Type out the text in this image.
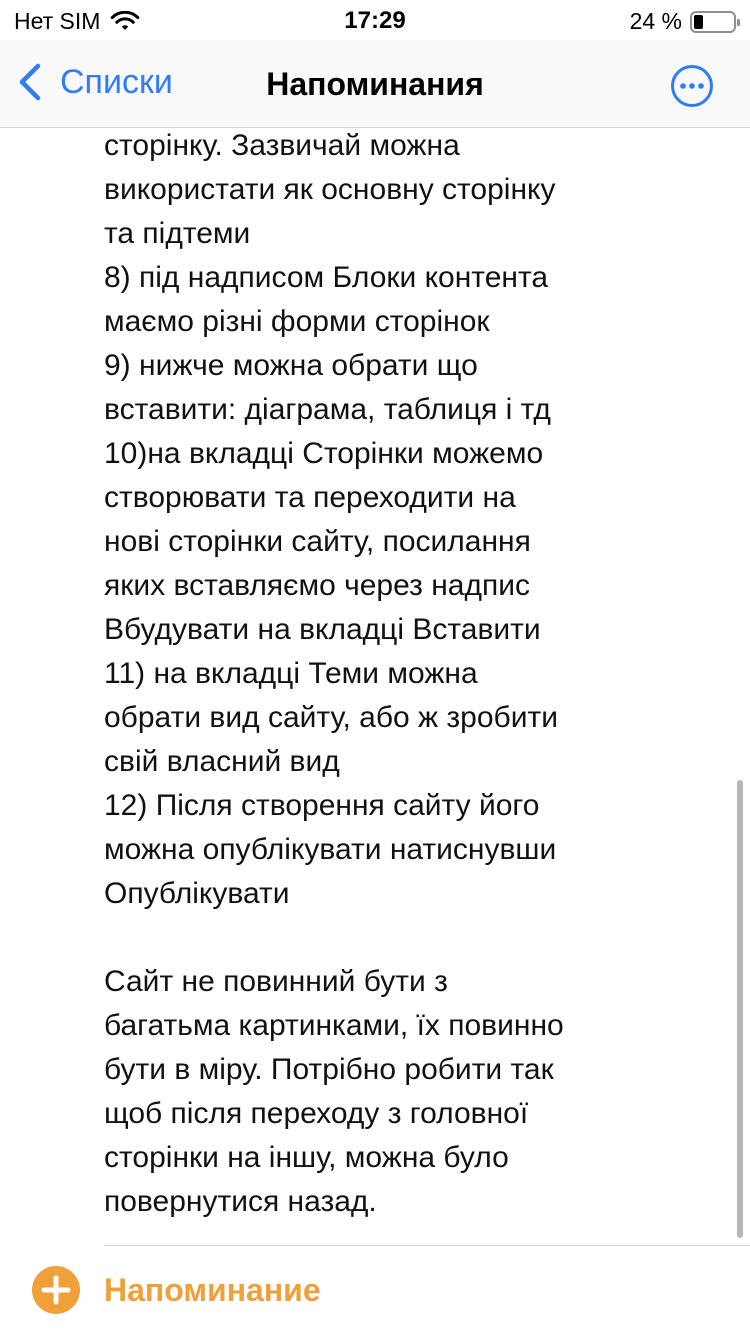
Нет SIM	17:29	24 %
Списки	Напоминания
сторінку. Зазвичай можна
використати як основну сторінку
та підтеми
8) під надписом Блоки контента
маємо різні форми сторінок
9) нижче можна обрати що
вставити: діаграма, таблиця і тд
10)на вкладці Сторінки можемо
створювати та переходити на
нові сторінки сайту, посилання
яких вставляємо через надпис
Вбудувати на вкладці Вставити
11) на вкладці Теми можна
обрати вид сайту, або ж зробити
свій власний вид
12) Після створення сайту його
можна опублікувати натиснувши
Опублікувати

Сайт не повинний бути з
багатьма картинками, їх повинно
бути в міру. Потрібно робити так
щоб після переходу з головної
сторінки на іншу, можна було
повернутися назад.
Напоминание
